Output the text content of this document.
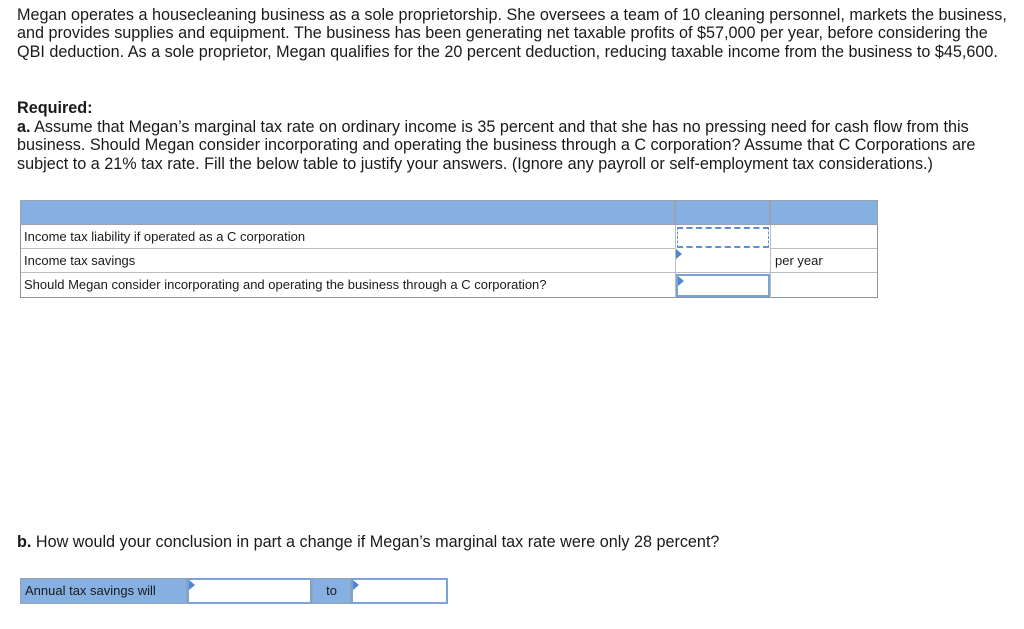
Megan operates a housecleaning business as a sole proprietorship. She oversees a team of 10 cleaning personnel, markets the business, and provides supplies and equipment. The business has been generating net taxable profits of $57,000 per year, before considering the QBI deduction. As a sole proprietor, Megan qualifies for the 20 percent deduction, reducing taxable income from the business to $45,600.

Required:

a. Assume that Megan’s marginal tax rate on ordinary income is 35 percent and that she has no pressing need for cash flow from this business. Should Megan consider incorporating and operating the business through a C corporation? Assume that C Corporations are subject to a 21% tax rate. Fill the below table to justify your answers. (Ignore any payroll or self-employment tax considerations.)

Income tax liability if operated as a C corporation
Income tax savings	per year
Should Megan consider incorporating and operating the business through a C corporation?

b. How would your conclusion in part a change if Megan’s marginal tax rate were only 28 percent?

Annual tax savings will	to
